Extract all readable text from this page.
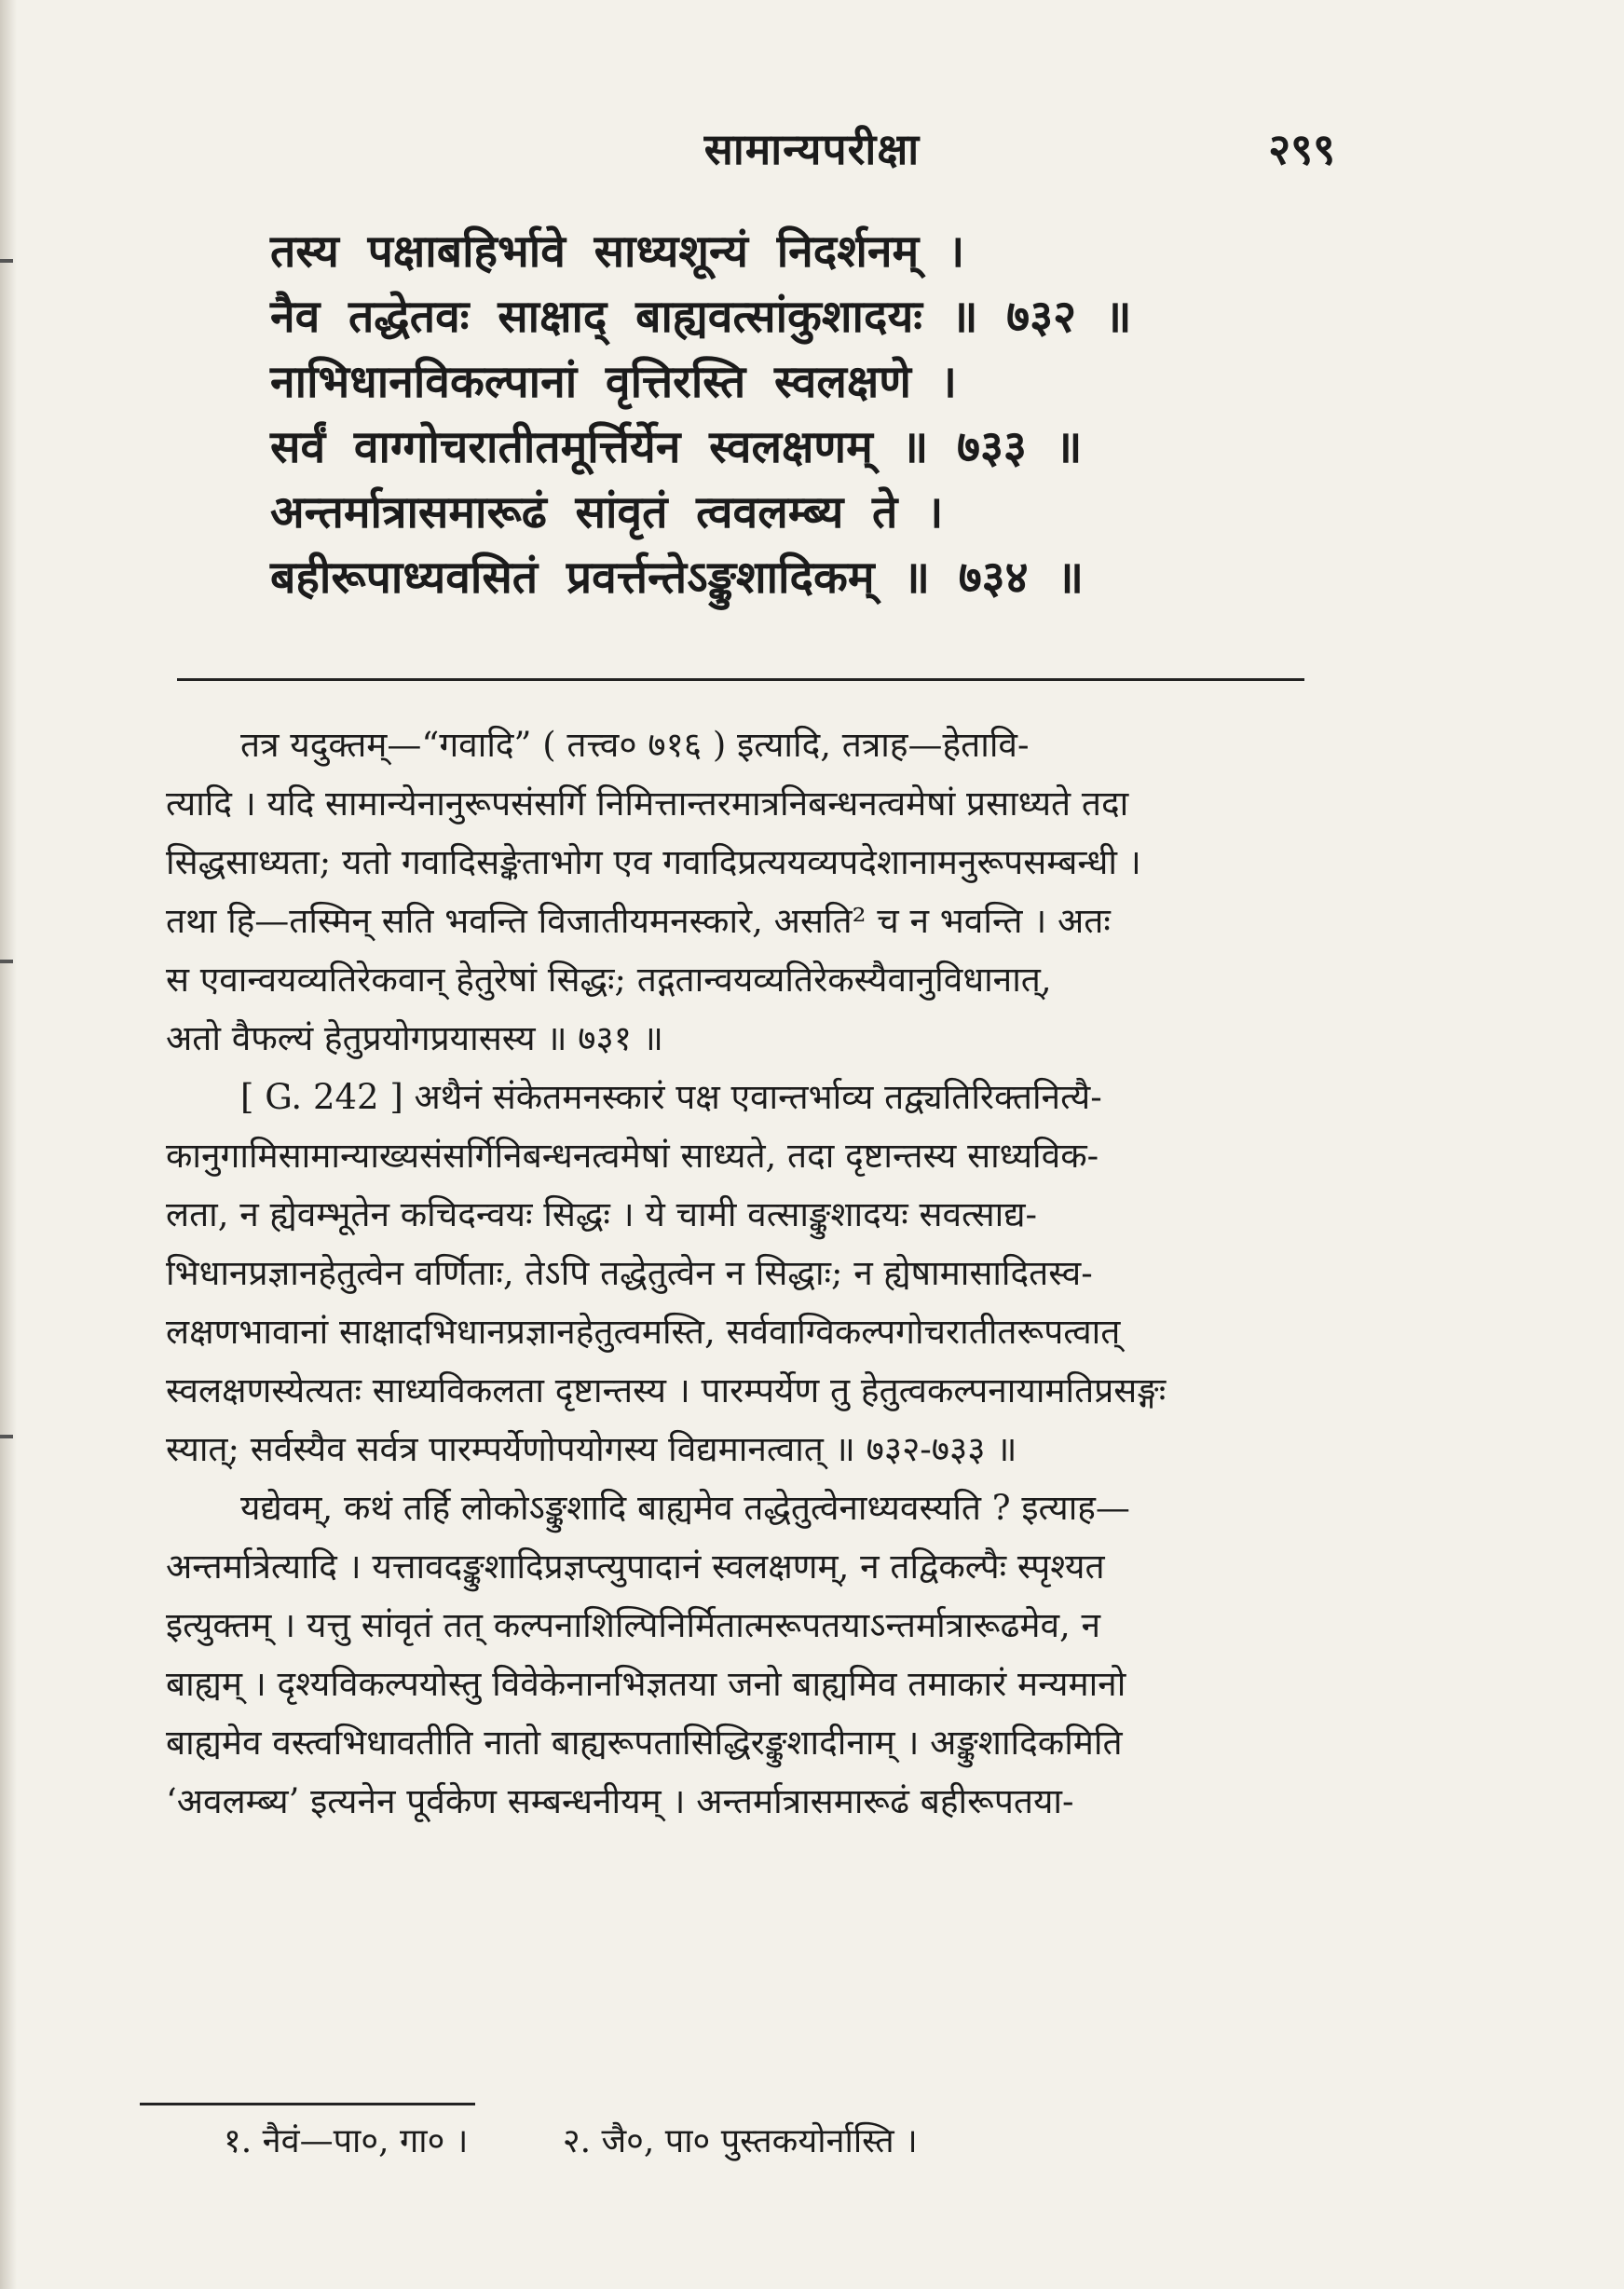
सामान्यपरीक्षा	२९९
तस्य पक्षाबहिर्भावे साध्यशून्यं निदर्शनम् ।
नैव तद्धेतवः साक्षाद् बाह्यवत्सांकुशादयः ॥ ७३२ ॥
नाभिधानविकल्पानां वृत्तिरस्ति स्वलक्षणे ।
सर्वं वाग्गोचरातीतमूर्त्तिर्येन स्वलक्षणम् ॥ ७३३ ॥
अन्तर्मात्रासमारूढं सांवृतं त्ववलम्ब्य ते ।
बहीरूपाध्यवसितं प्रवर्त्तन्तेऽङ्कुशादिकम् ॥ ७३४ ॥

तत्र यदुक्तम्—“गवादि” ( तत्त्व० ७१६ ) इत्यादि, तत्राह—हेतावि-
त्यादि । यदि सामान्येनानुरूपसंसर्गि निमित्तान्तरमात्रनिबन्धनत्वमेषां प्रसाध्यते तदा
सिद्धसाध्यता; यतो गवादिसङ्केताभोग एव गवादिप्रत्ययव्यपदेशानामनुरूपसम्बन्धी ।
तथा हि—तस्मिन् सति भवन्ति विजातीयमनस्कारे, असति² च न भवन्ति । अतः
स एवान्वयव्यतिरेकवान् हेतुरेषां सिद्धः; तद्गतान्वयव्यतिरेकस्यैवानुविधानात्,
अतो वैफल्यं हेतुप्रयोगप्रयासस्य ॥ ७३१ ॥

[ G. 242 ] अथैनं संकेतमनस्कारं पक्ष एवान्तर्भाव्य तद्व्यतिरिक्तनित्यै-
कानुगामिसामान्याख्यसंसर्गिनिबन्धनत्वमेषां साध्यते, तदा दृष्टान्तस्य साध्यविक-
लता, न ह्येवम्भूतेन कचिदन्वयः सिद्धः । ये चामी वत्साङ्कुशादयः सवत्साद्य-
भिधानप्रज्ञानहेतुत्वेन वर्णिताः, तेऽपि तद्धेतुत्वेन न सिद्धाः; न ह्येषामासादितस्व-
लक्षणभावानां साक्षादभिधानप्रज्ञानहेतुत्वमस्ति, सर्ववाग्विकल्पगोचरातीतरूपत्वात्
स्वलक्षणस्येत्यतः साध्यविकलता दृष्टान्तस्य । पारम्पर्येण तु हेतुत्वकल्पनायामतिप्रसङ्गः
स्यात्; सर्वस्यैव सर्वत्र पारम्पर्येणोपयोगस्य विद्यमानत्वात् ॥ ७३२-७३३ ॥

यद्येवम्, कथं तर्हि लोकोऽङ्कुशादि बाह्यमेव तद्धेतुत्वेनाध्यवस्यति ? इत्याह—
अन्तर्मात्रेत्यादि । यत्तावदङ्कुशादिप्रज्ञप्त्युपादानं स्वलक्षणम्, न तद्विकल्पैः स्पृश्यत
इत्युक्तम् । यत्तु सांवृतं तत् कल्पनाशिल्पिनिर्मितात्मरूपतयाऽन्तर्मात्रारूढमेव, न
बाह्यम् । दृश्यविकल्पयोस्तु विवेकेनानभिज्ञतया जनो बाह्यमिव तमाकारं मन्यमानो
बाह्यमेव वस्त्वभिधावतीति नातो बाह्यरूपतासिद्धिरङ्कुशादीनाम् । अङ्कुशादिकमिति
‘अवलम्ब्य’ इत्यनेन पूर्वकेण सम्बन्धनीयम् । अन्तर्मात्रासमारूढं बहीरूपतया-

१. नैवं—पा०, गा० ।	२. जै०, पा० पुस्तकयोर्नास्ति ।
